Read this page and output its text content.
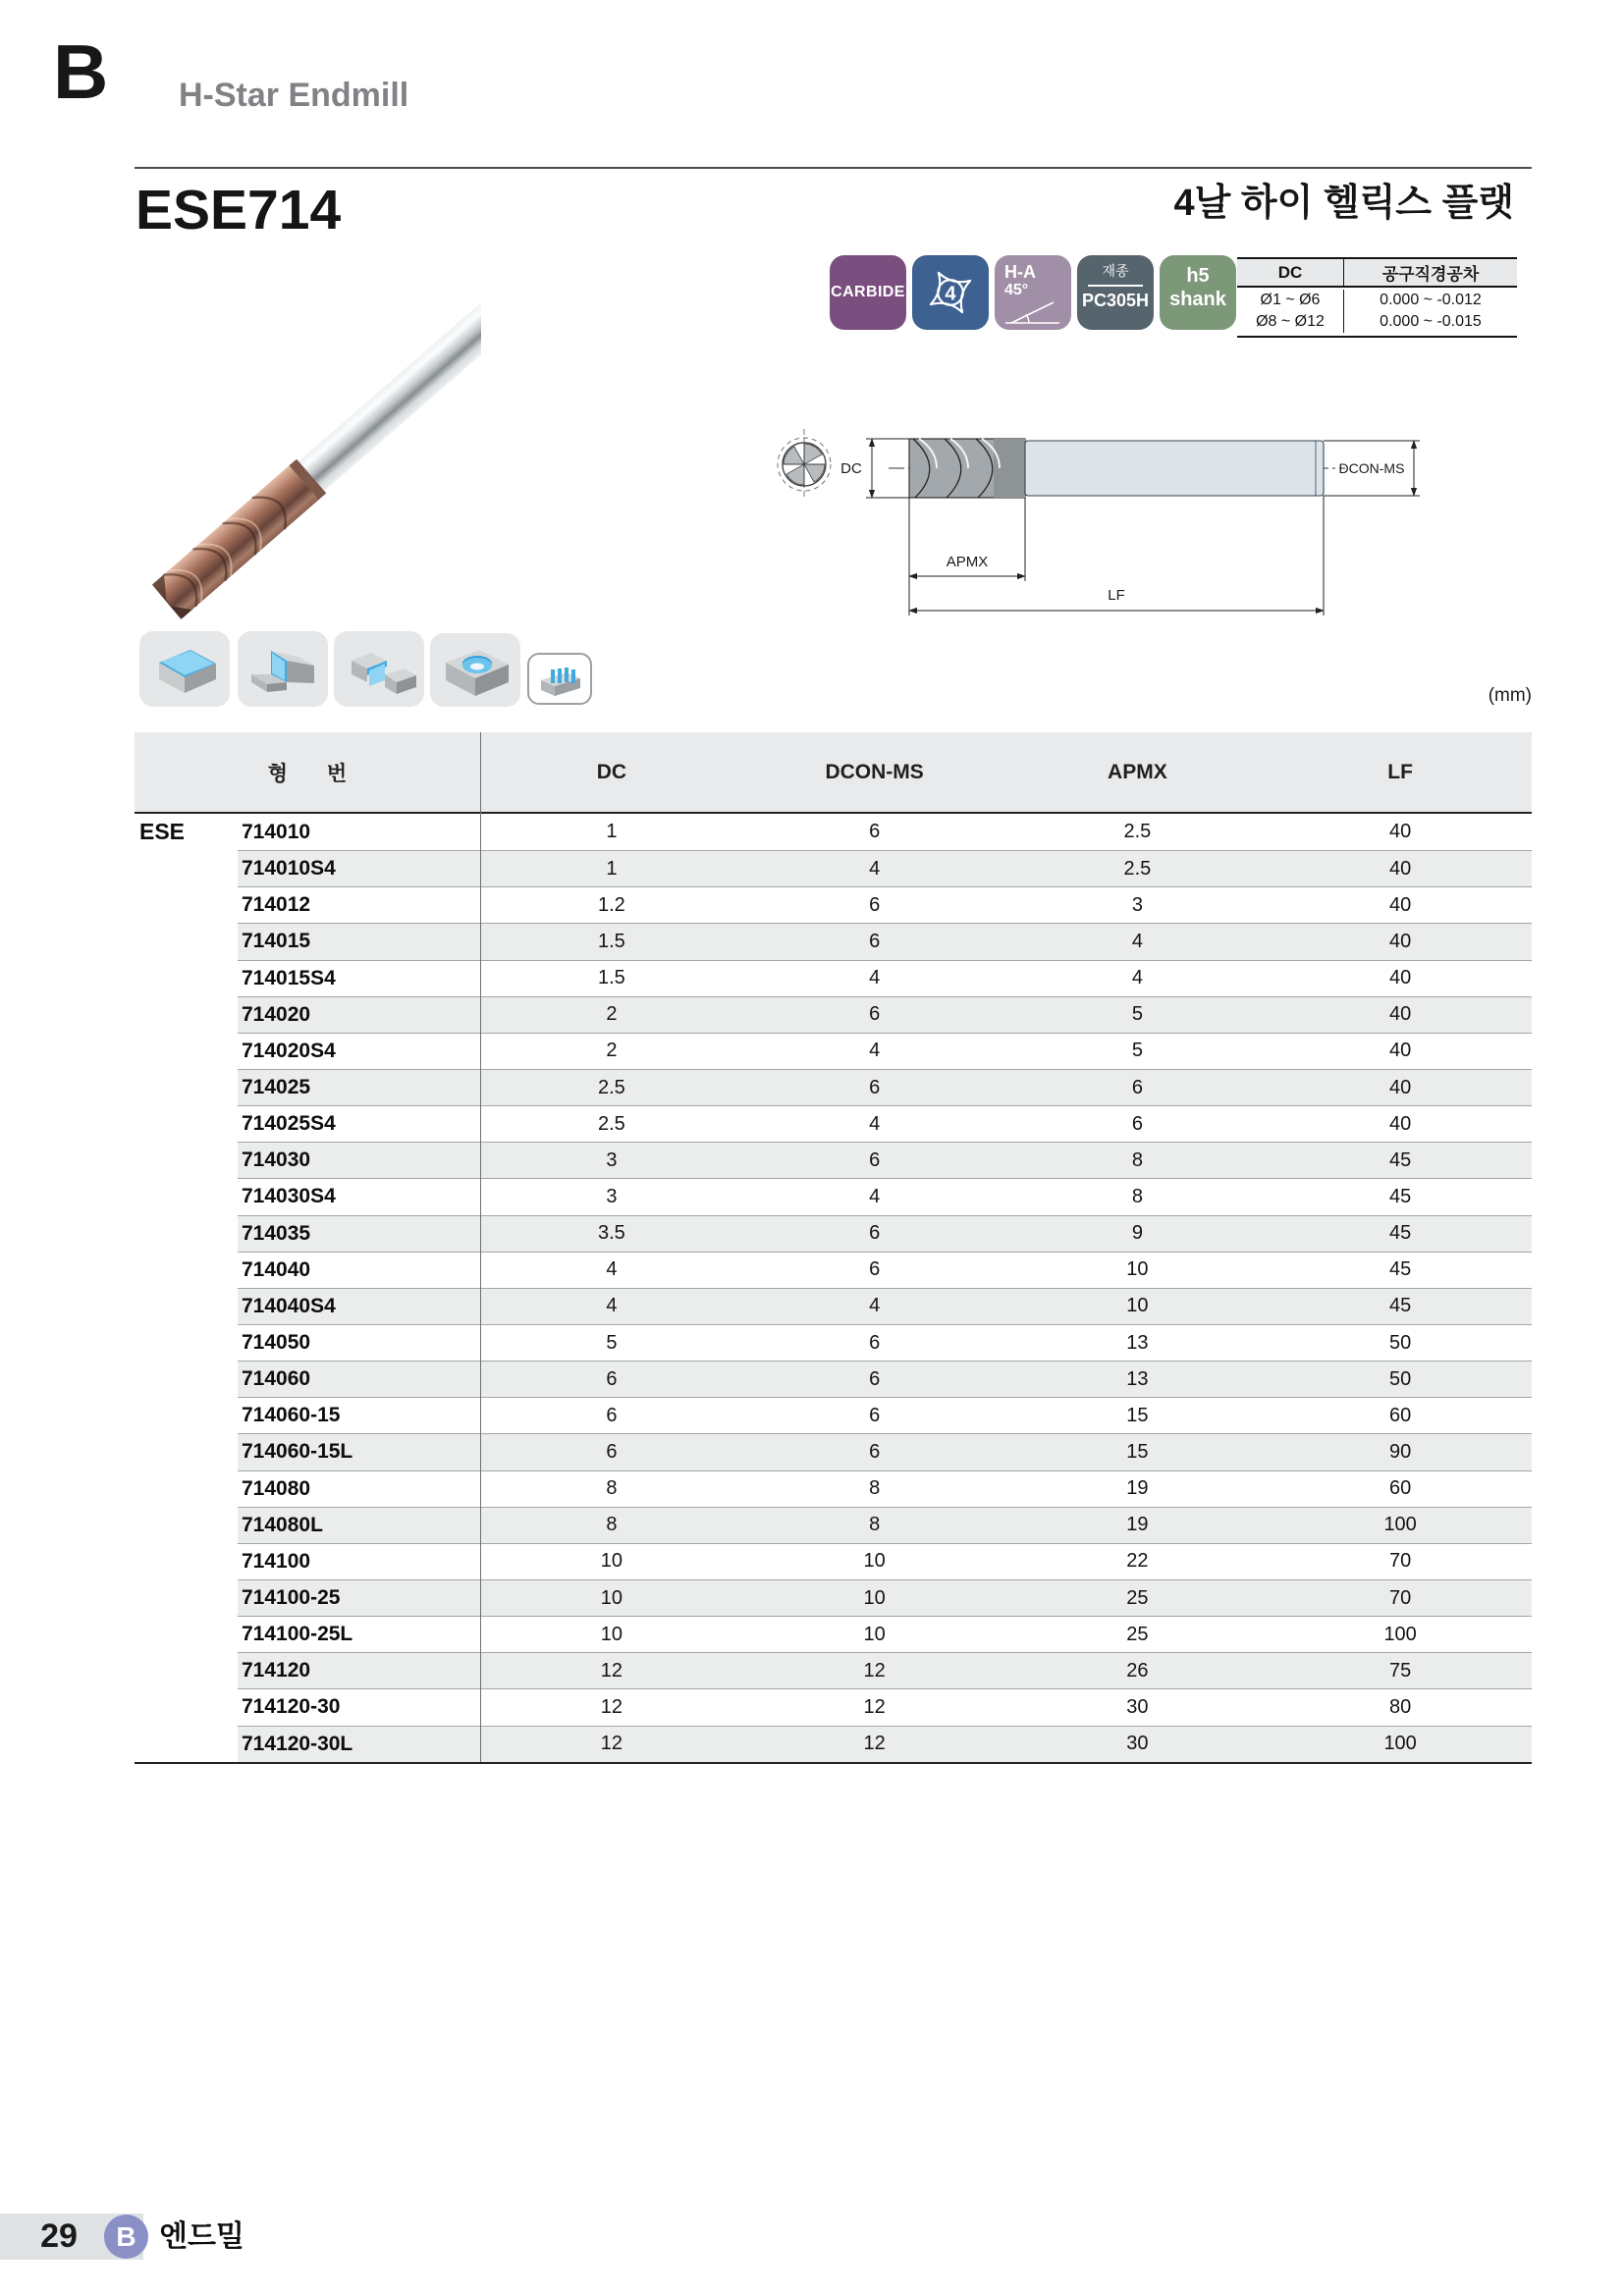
B H-Star Endmill
ESE714	4날 하이 헬릭스 플랫
CARBIDE 4
H-A
45°
재종
PC305H
h5
shank
DC	공구직경공차
Ø1 ~ Ø6	0.000 ~ -0.012
Ø8 ~ Ø12	0.000 ~ -0.015
DC	DCON-MS
APMX
LF
(mm)
형 번	DC	DCON-MS	APMX	LF
ESE	714010	1	6	2.5	40
714010S4	1	4	2.5	40
714012	1.2	6	3	40
714015	1.5	6	4	40
714015S4	1.5	4	4	40
714020	2	6	5	40
714020S4	2	4	5	40
714025	2.5	6	6	40
714025S4	2.5	4	6	40
714030	3	6	8	45
714030S4	3	4	8	45
714035	3.5	6	9	45
714040	4	6	10	45
714040S4	4	4	10	45
714050	5	6	13	50
714060	6	6	13	50
714060-15	6	6	15	60
714060-15L	6	6	15	90
714080	8	8	19	60
714080L	8	8	19	100
714100	10	10	22	70
714100-25	10	10	25	70
714100-25L	10	10	25	100
714120	12	12	26	75
714120-30	12	12	30	80
714120-30L	12	12	30	100
29	B 엔드밀
